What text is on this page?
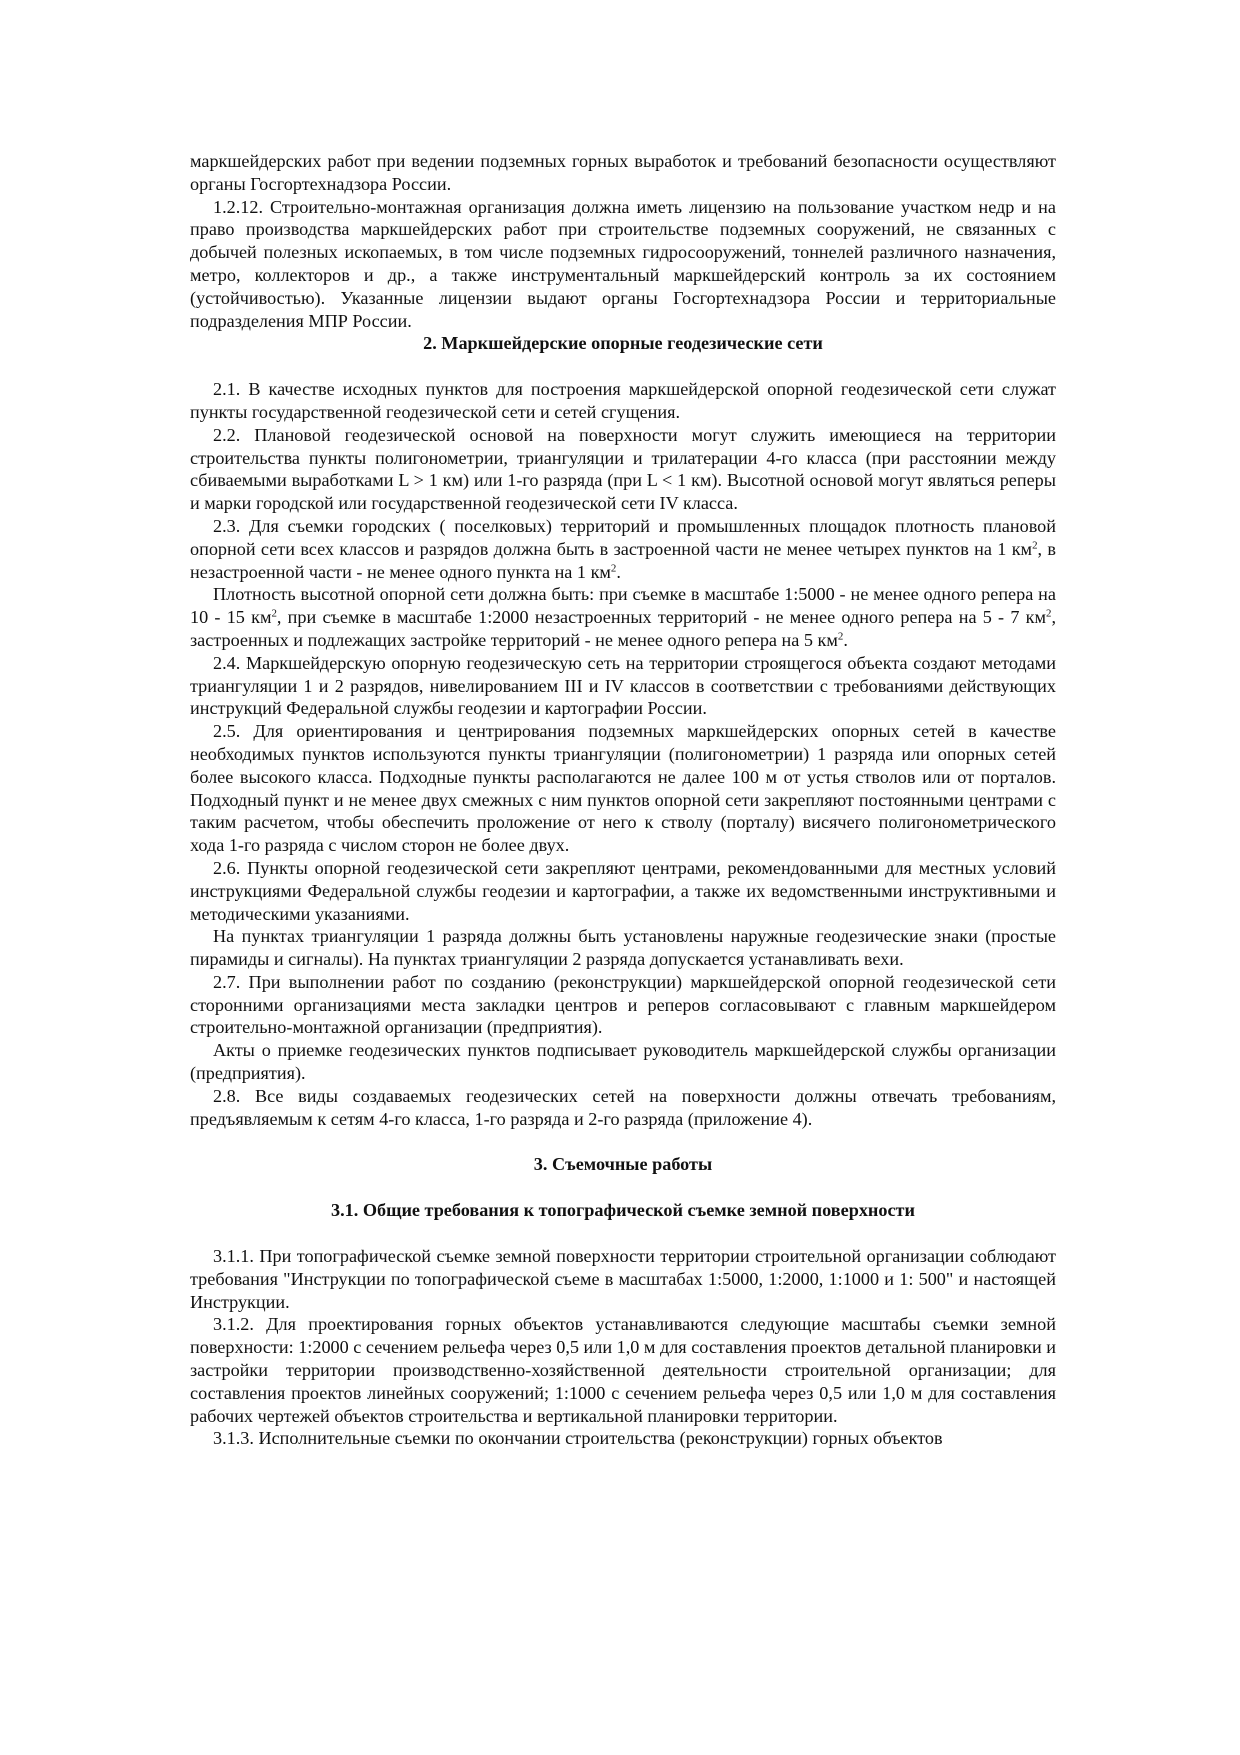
маркшейдерских работ при ведении подземных горных выработок и требований безопасности осуществляют органы Госгортехнадзора России.

1.2.12. Строительно-монтажная организация должна иметь лицензию на пользование участком недр и на право производства маркшейдерских работ при строительстве подземных сооружений, не связанных с добычей полезных ископаемых, в том числе подземных гидросооружений, тоннелей различного назначения, метро, коллекторов и др., а также инструментальный маркшейдерский контроль за их состоянием (устойчивостью). Указанные лицензии выдают органы Госгортехнадзора России и территориальные подразделения МПР России.

2. Маркшейдерские опорные геодезические сети

2.1. В качестве исходных пунктов для построения маркшейдерской опорной геодезической сети служат пункты государственной геодезической сети и сетей сгущения.

2.2. Плановой геодезической основой на поверхности могут служить имеющиеся на территории строительства пункты полигонометрии, триангуляции и трилатерации 4-го класса (при расстоянии между сбиваемыми выработками L > 1 км) или 1-го разряда (при L < 1 км). Высотной основой могут являться реперы и марки городской или государственной геодезической сети IV класса.

2.3. Для съемки городских ( поселковых) территорий и промышленных площадок плотность плановой опорной сети всех классов и разрядов должна быть в застроенной части не менее четырех пунктов на 1 $км^2$, в незастроенной части - не менее одного пункта на 1 $км^2$.

Плотность высотной опорной сети должна быть: при съемке в масштабе 1:5000 - не менее одного репера на 10 - 15 $км^2$, при съемке в масштабе 1:2000 незастроенных территорий - не менее одного репера на 5 - 7 $км^2$, застроенных и подлежащих застройке территорий - не менее одного репера на 5 $км^2$.

2.4. Маркшейдерскую опорную геодезическую сеть на территории строящегося объекта создают методами триангуляции 1 и 2 разрядов, нивелированием III и IV классов в соответствии с требованиями действующих инструкций Федеральной службы геодезии и картографии России.

2.5. Для ориентирования и центрирования подземных маркшейдерских опорных сетей в качестве необходимых пунктов используются пункты триангуляции (полигонометрии) 1 разряда или опорных сетей более высокого класса. Подходные пункты располагаются не далее 100 м от устья стволов или от порталов. Подходный пункт и не менее двух смежных с ним пунктов опорной сети закрепляют постоянными центрами с таким расчетом, чтобы обеспечить проложение от него к стволу (порталу) висячего полигонометрического хода 1-го разряда с числом сторон не более двух.

2.6. Пункты опорной геодезической сети закрепляют центрами, рекомендованными для местных условий инструкциями Федеральной службы геодезии и картографии, а также их ведомственными инструктивными и методическими указаниями.

На пунктах триангуляции 1 разряда должны быть установлены наружные геодезические знаки (простые пирамиды и сигналы). На пунктах триангуляции 2 разряда допускается устанавливать вехи.

2.7. При выполнении работ по созданию (реконструкции) маркшейдерской опорной геодезической сети сторонними организациями места закладки центров и реперов согласовывают с главным маркшейдером строительно-монтажной организации (предприятия).

Акты о приемке геодезических пунктов подписывает руководитель маркшейдерской службы организации (предприятия).

2.8. Все виды создаваемых геодезических сетей на поверхности должны отвечать требованиям, предъявляемым к сетям 4-го класса, 1-го разряда и 2-го разряда (приложение 4).

3. Съемочные работы

3.1. Общие требования к топографической съемке земной поверхности

3.1.1. При топографической съемке земной поверхности территории строительной организации соблюдают требования "Инструкции по топографической съеме в масштабах 1:5000, 1:2000, 1:1000 и 1: 500" и настоящей Инструкции.

3.1.2. Для проектирования горных объектов устанавливаются следующие масштабы съемки земной поверхности: 1:2000 с сечением рельефа через 0,5 или 1,0 м для составления проектов детальной планировки и застройки территории производственно-хозяйственной деятельности строительной организации; для составления проектов линейных сооружений; 1:1000 с сечением рельефа через 0,5 или 1,0 м для составления рабочих чертежей объектов строительства и вертикальной планировки территории.

3.1.3. Исполнительные съемки по окончании строительства (реконструкции) горных объектов
